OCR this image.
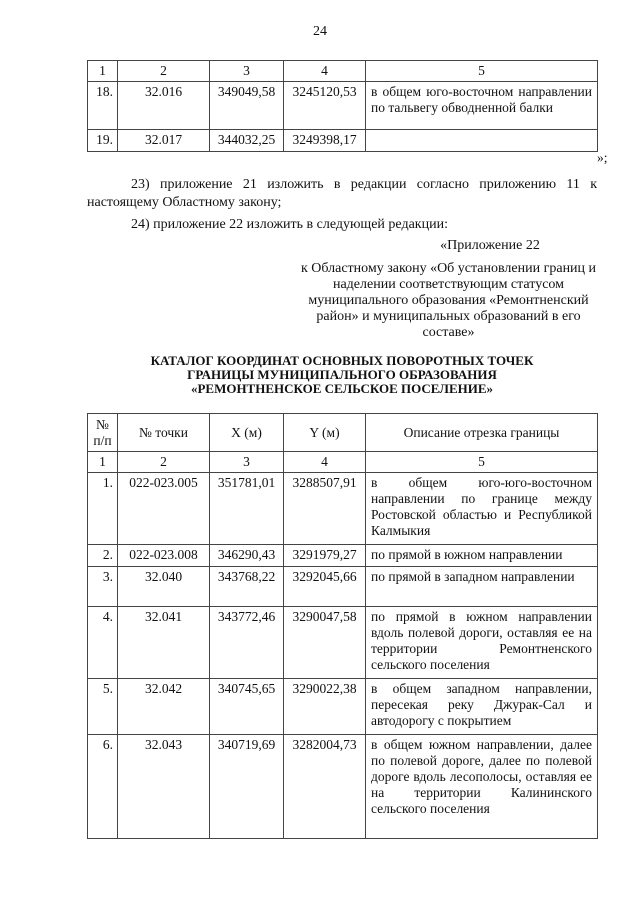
24
1	2	3	4	5
18.	32.016	349049,58	3245120,53	в общем юго-восточном направлении по тальвегу обводненной балки
19.	32.017	344032,25	3249398,17	
»;
23) приложение 21 изложить в редакции согласно приложению 11 к настоящему Областному закону;
24) приложение 22 изложить в следующей редакции:
«Приложение 22
к Областному закону «Об установлении границ и наделении соответствующим статусом муниципального образования «Ремонтненский район» и муниципальных образований в его составе»
КАТАЛОГ КООРДИНАТ ОСНОВНЫХ ПОВОРОТНЫХ ТОЧЕК
ГРАНИЦЫ МУНИЦИПАЛЬНОГО ОБРАЗОВАНИЯ
«РЕМОНТНЕНСКОЕ СЕЛЬСКОЕ ПОСЕЛЕНИЕ»
№ п/п	№ точки	X (м)	Y (м)	Описание отрезка границы
1	2	3	4	5
1.	022-023.005	351781,01	3288507,91	в общем юго-юго-восточном направлении по границе между Ростовской областью и Республикой Калмыкия
2.	022-023.008	346290,43	3291979,27	по прямой в южном направлении
3.	32.040	343768,22	3292045,66	по прямой в западном направлении
4.	32.041	343772,46	3290047,58	по прямой в южном направлении вдоль полевой дороги, оставляя ее на территории Ремонтненского сельского поселения
5.	32.042	340745,65	3290022,38	в общем западном направлении, пересекая реку Джурак-Сал и автодорогу с покрытием
6.	32.043	340719,69	3282004,73	в общем южном направлении, далее по полевой дороге, далее по полевой дороге вдоль лесополосы, оставляя ее на территории Калининского сельского поселения
